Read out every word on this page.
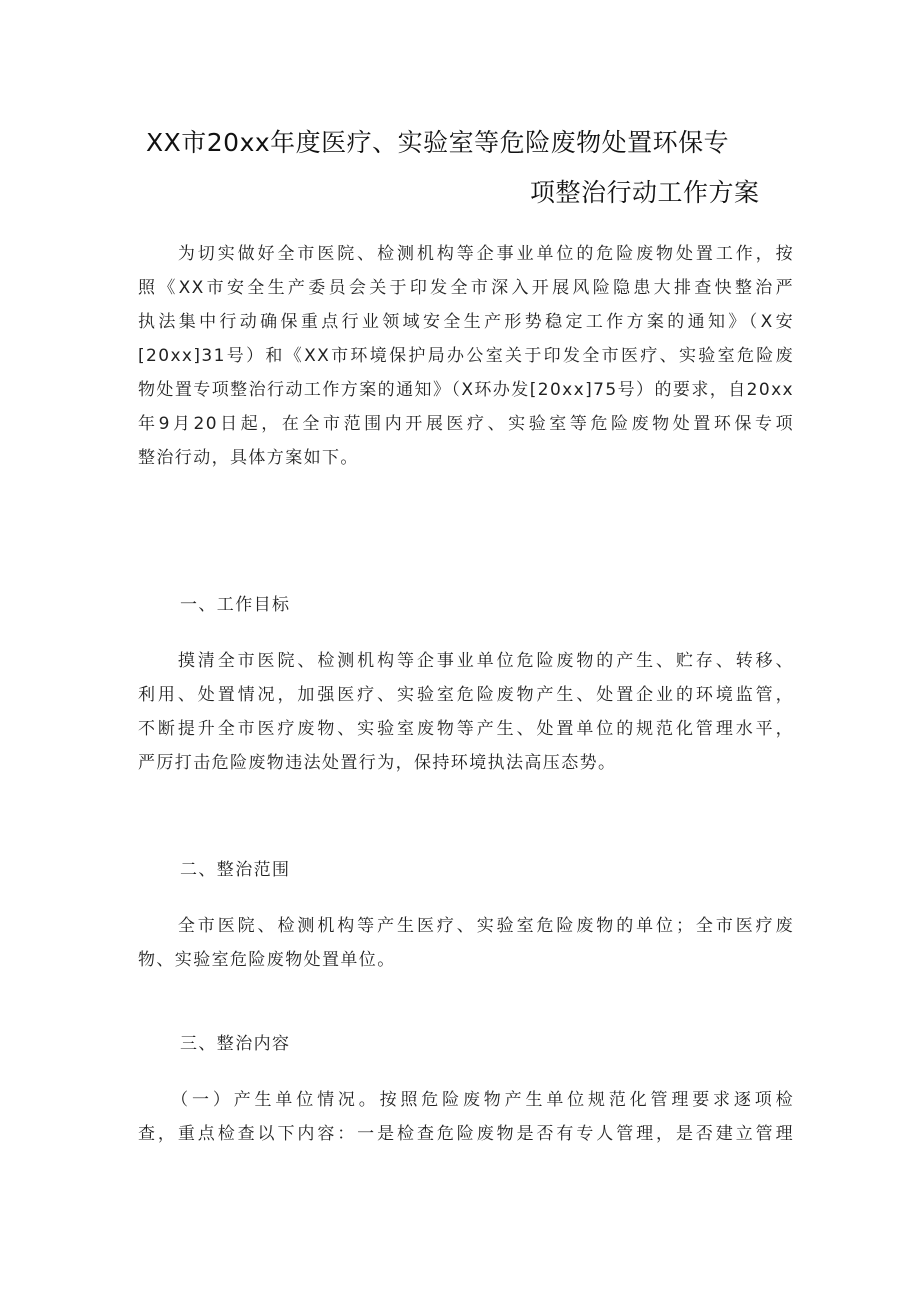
XX市20xx年度医疗、实验室等危险废物处置环保专
项整治行动工作方案

　　为切实做好全市医院、检测机构等企事业单位的危险废物处置工作，按
照《XX市安全生产委员会关于印发全市深入开展风险隐患大排查快整治严
执法集中行动确保重点行业领域安全生产形势稳定工作方案的通知》（X安
[20xx]31号）和《XX市环境保护局办公室关于印发全市医疗、实验室危险废
物处置专项整治行动工作方案的通知》（X环办发[20xx]75号）的要求，自20xx
年9月20日起，在全市范围内开展医疗、实验室等危险废物处置环保专项
整治行动，具体方案如下。

一、工作目标

　　摸清全市医院、检测机构等企事业单位危险废物的产生、贮存、转移、
利用、处置情况，加强医疗、实验室危险废物产生、处置企业的环境监管，
不断提升全市医疗废物、实验室废物等产生、处置单位的规范化管理水平，
严厉打击危险废物违法处置行为，保持环境执法高压态势。

二、整治范围

　　全市医院、检测机构等产生医疗、实验室危险废物的单位；全市医疗废
物、实验室危险废物处置单位。

三、整治内容

　　（一）产生单位情况。按照危险废物产生单位规范化管理要求逐项检
查，重点检查以下内容：一是检查危险废物是否有专人管理，是否建立管理
